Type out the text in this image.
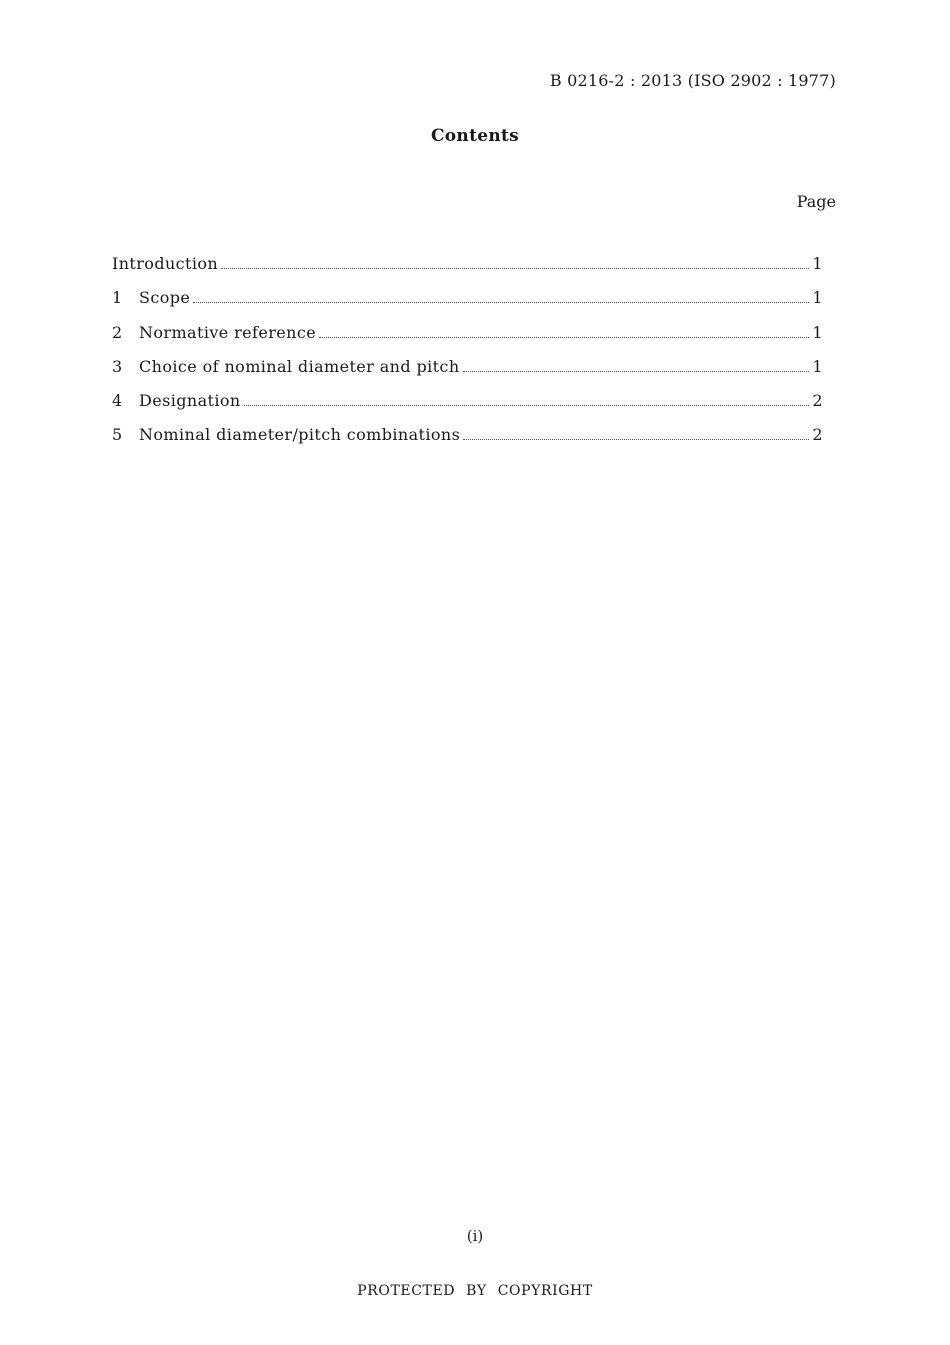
B 0216-2 : 2013 (ISO 2902 : 1977)
Contents
Page
Introduction	1
1	Scope	1
2	Normative reference	1
3	Choice of nominal diameter and pitch	1
4	Designation	2
5	Nominal diameter/pitch combinations	2
(i)
PROTECTED BY COPYRIGHT
